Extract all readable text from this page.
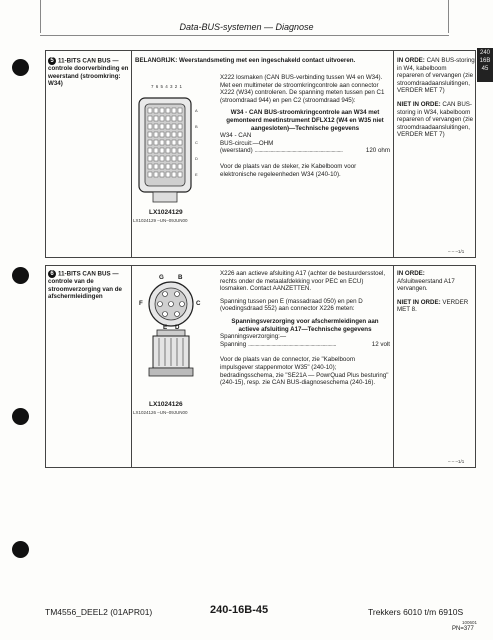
Data-BUS-systemen — Diagnose
240
16B
45
5 11-BITS CAN BUS — controle doorverbinding en weerstand (stroomkring: W34)
BELANGRIJK: Weerstandsmeting met een ingeschakeld contact uitvoeren.
7 6 5 4 3 2 1
A
B
C
D
E
LX1024129
LX1024129 –UN–09JUN00
X222 losmaken (CAN BUS-verbinding tussen W4 en W34).
Met een multimeter de stroomkringcontrole aan connector X222 (W34) controleren. De spanning meten tussen pen C1 (stroomdraad 944) en pen C2 (stroomdraad 945):
W34 - CAN BUS-stroomkringcontrole aan W34 met gemonteerd meetinstrument DFLX12 (W4 en W35 niet aangesloten)—Technische gegevens
W34 - CAN
BUS-circuit:—OHM
(weerstand) ........................................................................	120 ohm
Voor de plaats van de steker, zie Kabelboom voor elektronische regeleenheden W34 (240-10).
IN ORDE: CAN BUS-storing in W4, kabelboom repareren of vervangen (zie stroomdraadaansluitingen, VERDER MET 7)
NIET IN ORDE: CAN BUS-storing in W34, kabelboom repareren of vervangen (zie stroomdraadaansluitingen, VERDER MET 7)
– – –1/1
6 11-BITS CAN BUS — controle van de stroomverzorging van de afschermleidingen
G B
F	C
E D
LX1024126
LX1024126 –UN–09JUN00
X226 aan actieve afsluiting A17 (achter de bestuurdersstoel, rechts onder de metaalafdekking voor PEC en ECU) losmaken. Contact AANZETTEN.
Spanning tussen pen E (massadraad 050) en pen D (voedingsdraad 552) aan connector X226 meten:
Spanningsverzorging voor afschermleidingen aan actieve afsluiting A17—Technische gegevens
Spanningsverzorging:—
Spanning ........................................................................	12 volt
Voor de plaats van de connector, zie "Kabelboom impulsgever stappenmotor W35" (240-10); bedradingsschema, zie "SE21A — PowrQuad Plus besturing" (240-15), resp. zie CAN BUS-diagnoseschema (240-16).
IN ORDE:
Afsluitweerstand A17 vervangen.
NIET IN ORDE: VERDER MET 8.
– – –1/1
TM4556_DEEL2 (01APR01)	240-16B-45	Trekkers 6010 t/m 6910S
100601
PN=377
